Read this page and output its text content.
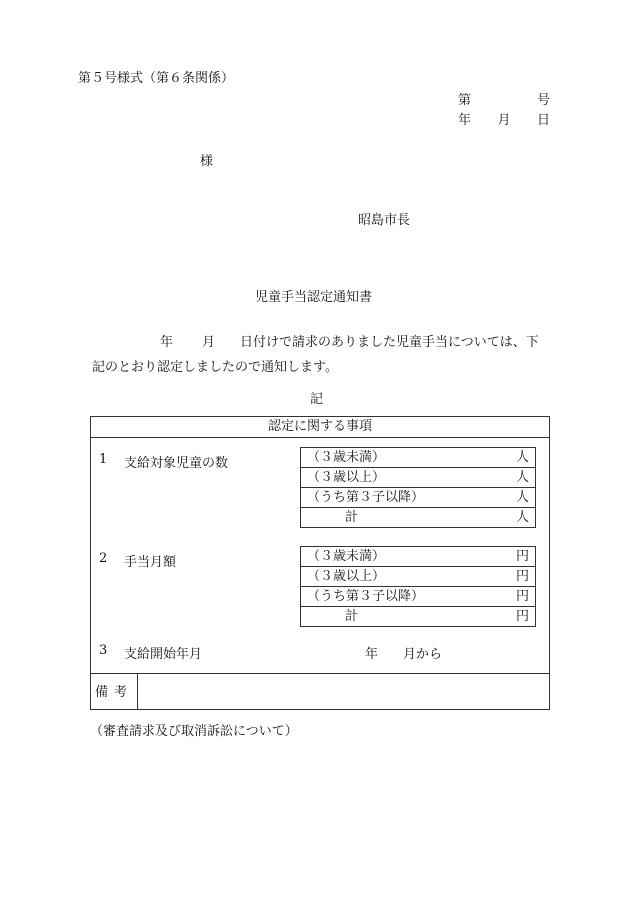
第５号様式（第６条関係）
第	号
年 月 日
様
昭島市長
児童手当認定通知書
年 月 日付けで請求のありました児童手当については、下
記のとおり認定しましたので通知します。
記
認定に関する事項
1 支給対象児童の数	（３歳未満）	人

（３歳以上）	人

（うち第３子以降）	人

計	人
2 手当月額	（３歳未満）	円

（３歳以上）	円

（うち第３子以降）	円

計	円
3 支給開始年月	年 月から
備考
（審査請求及び取消訴訟について）
